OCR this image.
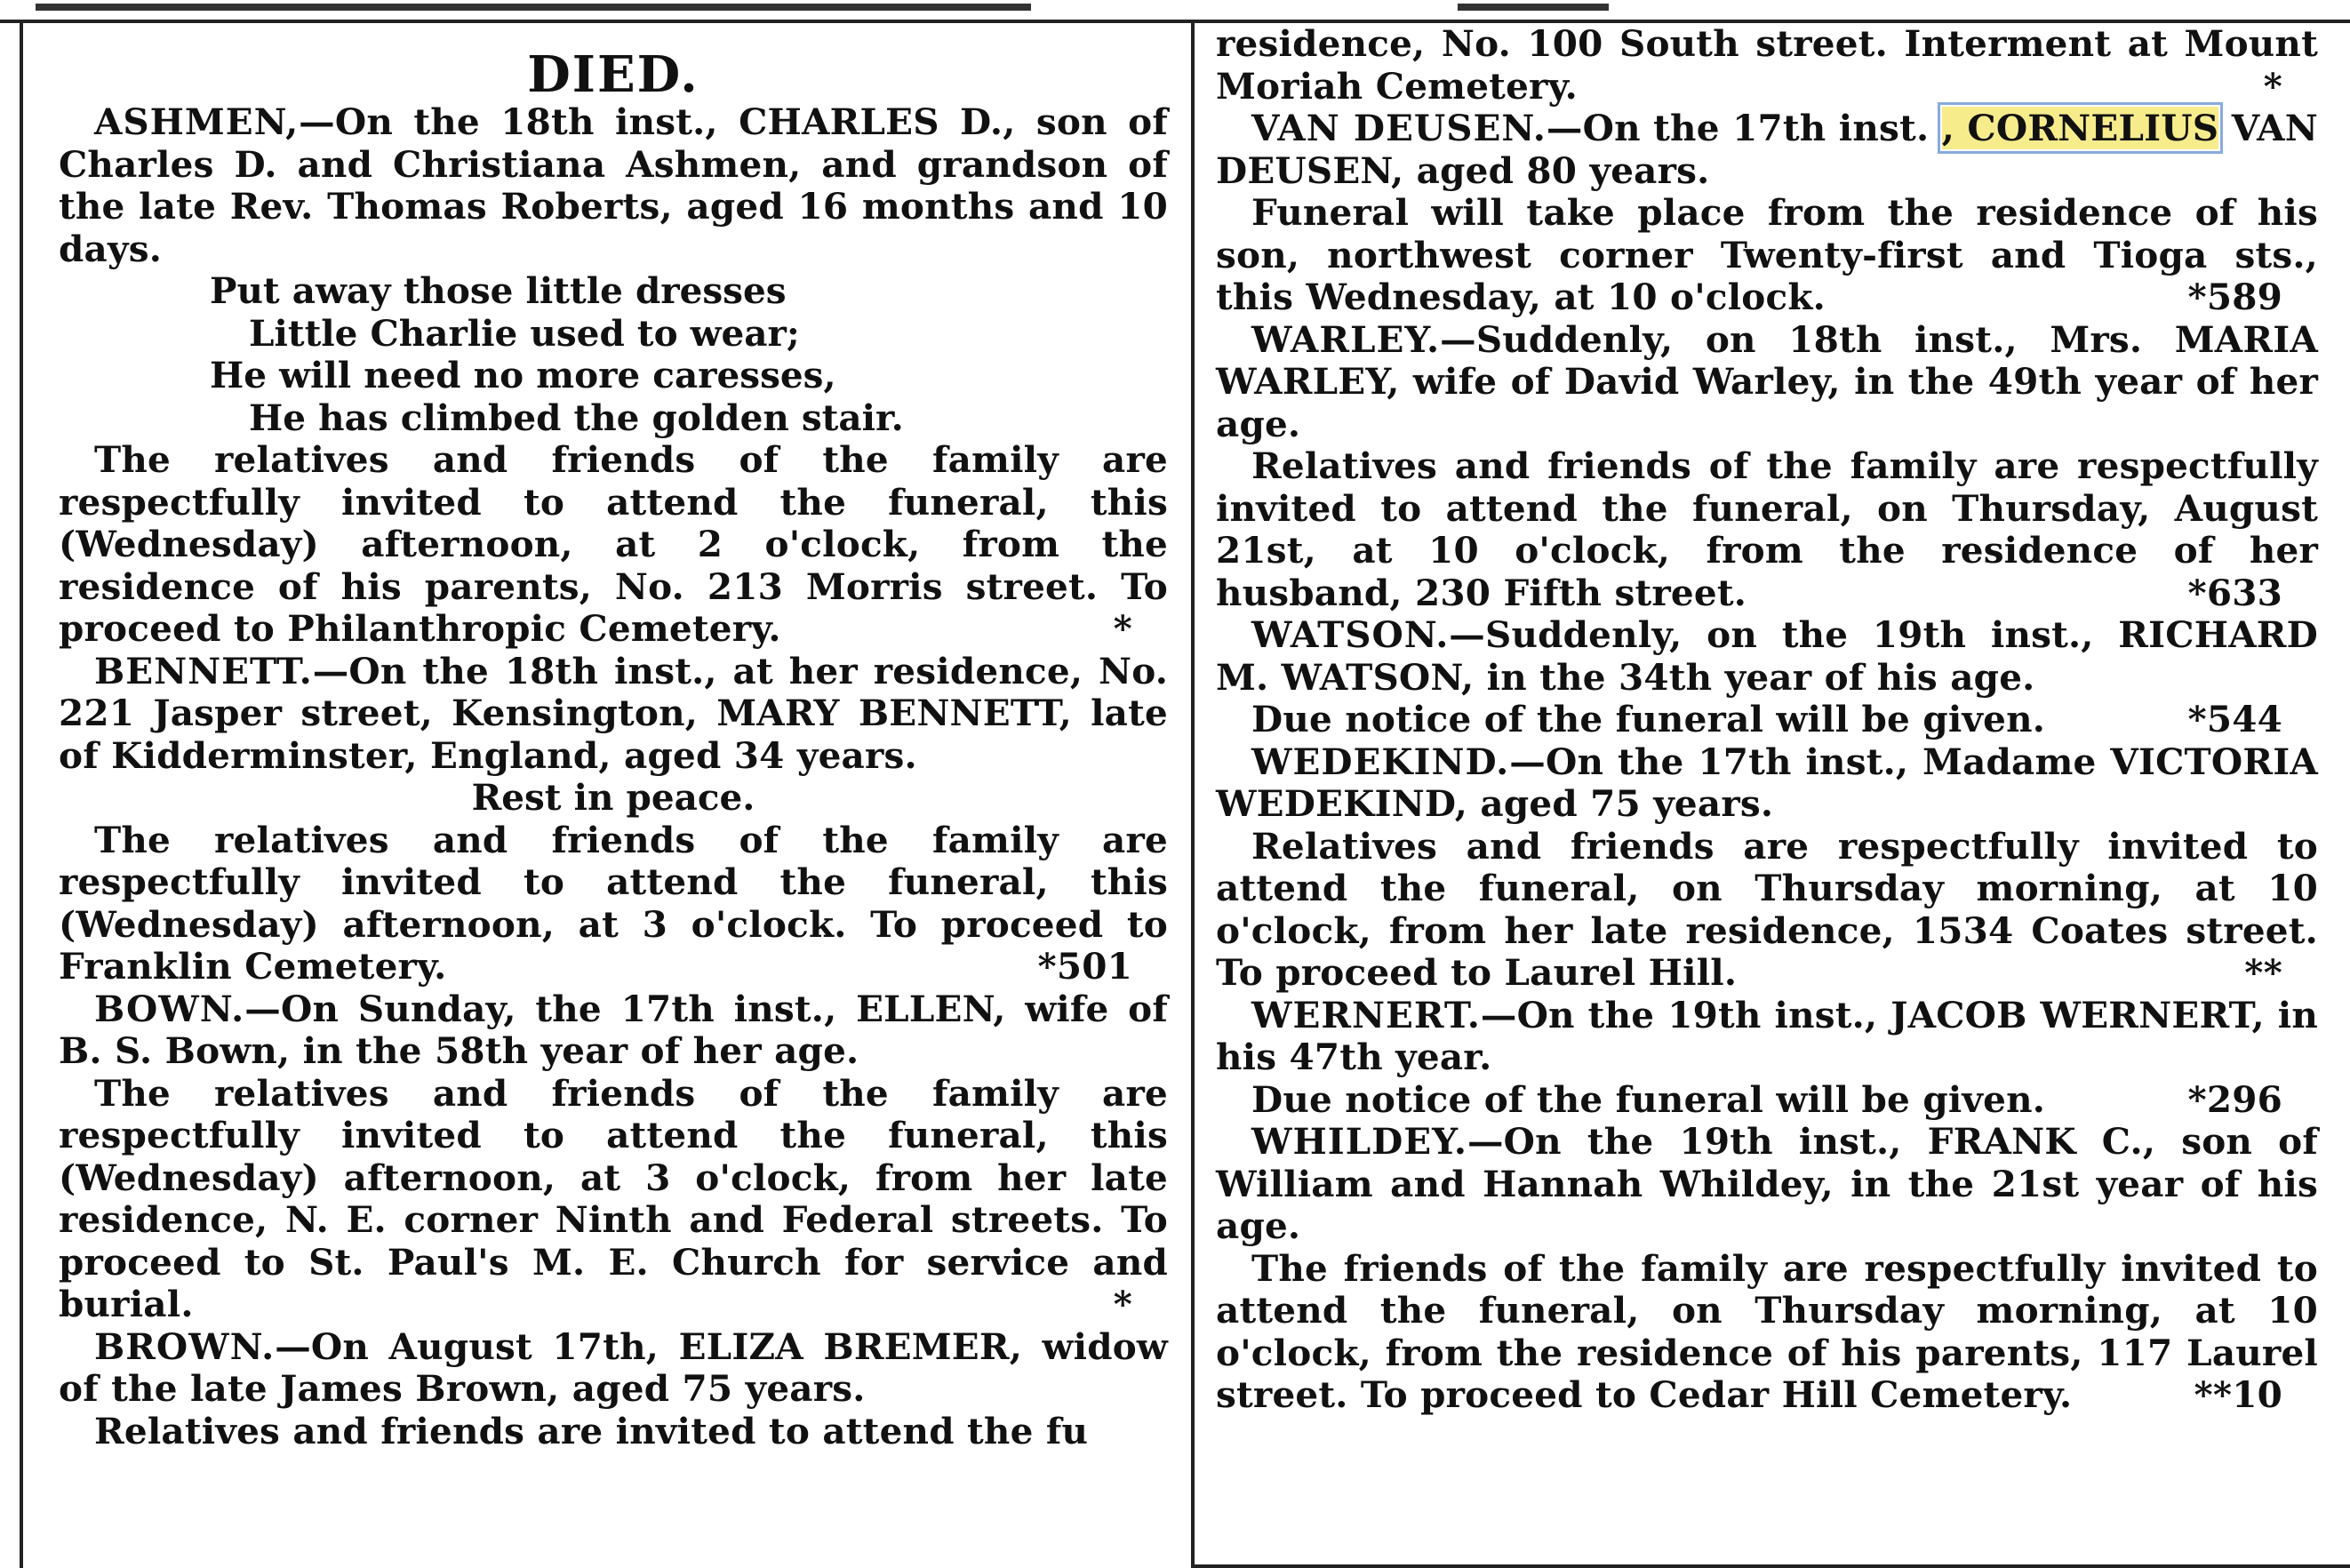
DIED.

ASHMEN,—On the 18th inst., CHARLES D., son of Charles D. and Christiana Ashmen, and grandson of the late Rev. Thomas Roberts, aged 16 months and 10 days.

Put away those little dresses
Little Charlie used to wear;
He will need no more caresses,
He has climbed the golden stair.

The relatives and friends of the family are respectfully invited to attend the funeral, this (Wednesday) afternoon, at 2 o'clock, from the residence of his parents, No. 213 Morris street. To proceed to Philanthropic Cemetery.	*

BENNETT.—On the 18th inst., at her residence, No. 221 Jasper street, Kensington, MARY BENNETT, late of Kidderminster, England, aged 34 years.

Rest in peace.

The relatives and friends of the family are respectfully invited to attend the funeral, this (Wednesday) afternoon, at 3 o'clock. To proceed to Franklin Cemetery.	*501

BOWN.—On Sunday, the 17th inst., ELLEN, wife of B. S. Bown, in the 58th year of her age.

The relatives and friends of the family are respectfully invited to attend the funeral, this (Wednesday) afternoon, at 3 o'clock, from her late residence, N. E. corner Ninth and Federal streets. To proceed to St. Paul's M. E. Church for service and burial.	*

BROWN.—On August 17th, ELIZA BREMER, widow of the late James Brown, aged 75 years.

Relatives and friends are invited to attend the fu

residence, No. 100 South street. Interment at Mount Moriah Cemetery.	*

VAN DEUSEN.—On the 17th inst. , CORNELIUS VAN DEUSEN, aged 80 years.

Funeral will take place from the residence of his son, northwest corner Twenty-first and Tioga sts., this Wednesday, at 10 o'clock.	*589

WARLEY.—Suddenly, on 18th inst., Mrs. MARIA WARLEY, wife of David Warley, in the 49th year of her age.

Relatives and friends of the family are respectfully invited to attend the funeral, on Thursday, August 21st, at 10 o'clock, from the residence of her husband, 230 Fifth street.	*633

WATSON.—Suddenly, on the 19th inst., RICHARD M. WATSON, in the 34th year of his age.

Due notice of the funeral will be given.	*544

WEDEKIND.—On the 17th inst., Madame VICTORIA WEDEKIND, aged 75 years.

Relatives and friends are respectfully invited to attend the funeral, on Thursday morning, at 10 o'clock, from her late residence, 1534 Coates street. To proceed to Laurel Hill.	**

WERNERT.—On the 19th inst., JACOB WERNERT, in his 47th year.

Due notice of the funeral will be given.	*296

WHILDEY.—On the 19th inst., FRANK C., son of William and Hannah Whildey, in the 21st year of his age.

The friends of the family are respectfully invited to attend the funeral, on Thursday morning, at 10 o'clock, from the residence of his parents, 117 Laurel street. To proceed to Cedar Hill Cemetery.	**10
